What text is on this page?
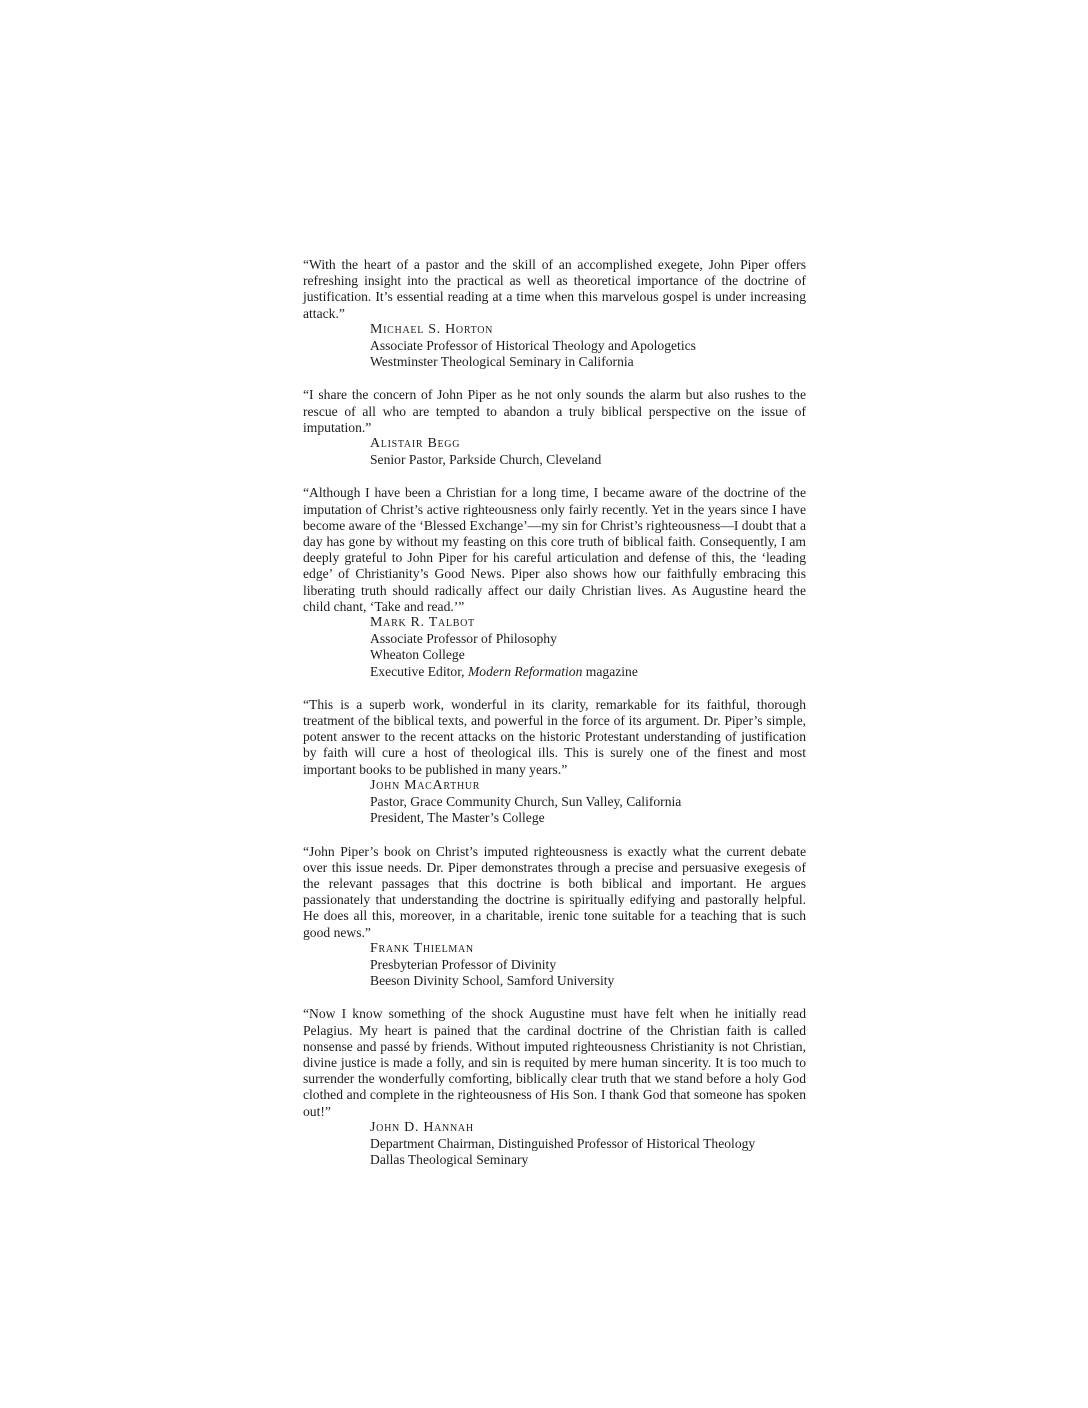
“With the heart of a pastor and the skill of an accomplished exegete, John Piper offers refreshing insight into the practical as well as theoretical importance of the doctrine of justification. It’s essential reading at a time when this marvelous gospel is under increasing attack.”

Michael S. Horton
Associate Professor of Historical Theology and Apologetics
Westminster Theological Seminary in California

“I share the concern of John Piper as he not only sounds the alarm but also rushes to the rescue of all who are tempted to abandon a truly biblical perspective on the issue of imputation.”

Alistair Begg
Senior Pastor, Parkside Church, Cleveland

“Although I have been a Christian for a long time, I became aware of the doctrine of the imputation of Christ’s active righteousness only fairly recently. Yet in the years since I have become aware of the ‘Blessed Exchange’—my sin for Christ’s righteousness—I doubt that a day has gone by without my feasting on this core truth of biblical faith. Consequently, I am deeply grateful to John Piper for his careful articulation and defense of this, the ‘leading edge’ of Christianity’s Good News. Piper also shows how our faithfully embracing this liberating truth should radically affect our daily Christian lives. As Augustine heard the child chant, ‘Take and read.’”

Mark R. Talbot
Associate Professor of Philosophy
Wheaton College
Executive Editor, Modern Reformation magazine

“This is a superb work, wonderful in its clarity, remarkable for its faithful, thorough treatment of the biblical texts, and powerful in the force of its argument. Dr. Piper’s simple, potent answer to the recent attacks on the historic Protestant understanding of justification by faith will cure a host of theological ills. This is surely one of the finest and most important books to be published in many years.”

John MacArthur
Pastor, Grace Community Church, Sun Valley, California
President, The Master’s College

“John Piper’s book on Christ’s imputed righteousness is exactly what the current debate over this issue needs. Dr. Piper demonstrates through a precise and persuasive exegesis of the relevant passages that this doctrine is both biblical and important. He argues passionately that understanding the doctrine is spiritually edifying and pastorally helpful. He does all this, moreover, in a charitable, irenic tone suitable for a teaching that is such good news.”

Frank Thielman
Presbyterian Professor of Divinity
Beeson Divinity School, Samford University

“Now I know something of the shock Augustine must have felt when he initially read Pelagius. My heart is pained that the cardinal doctrine of the Christian faith is called nonsense and passé by friends. Without imputed righteousness Christianity is not Christian, divine justice is made a folly, and sin is requited by mere human sincerity. It is too much to surrender the wonderfully comforting, biblically clear truth that we stand before a holy God clothed and complete in the righteousness of His Son. I thank God that someone has spoken out!”

John D. Hannah
Department Chairman, Distinguished Professor of Historical Theology
Dallas Theological Seminary
